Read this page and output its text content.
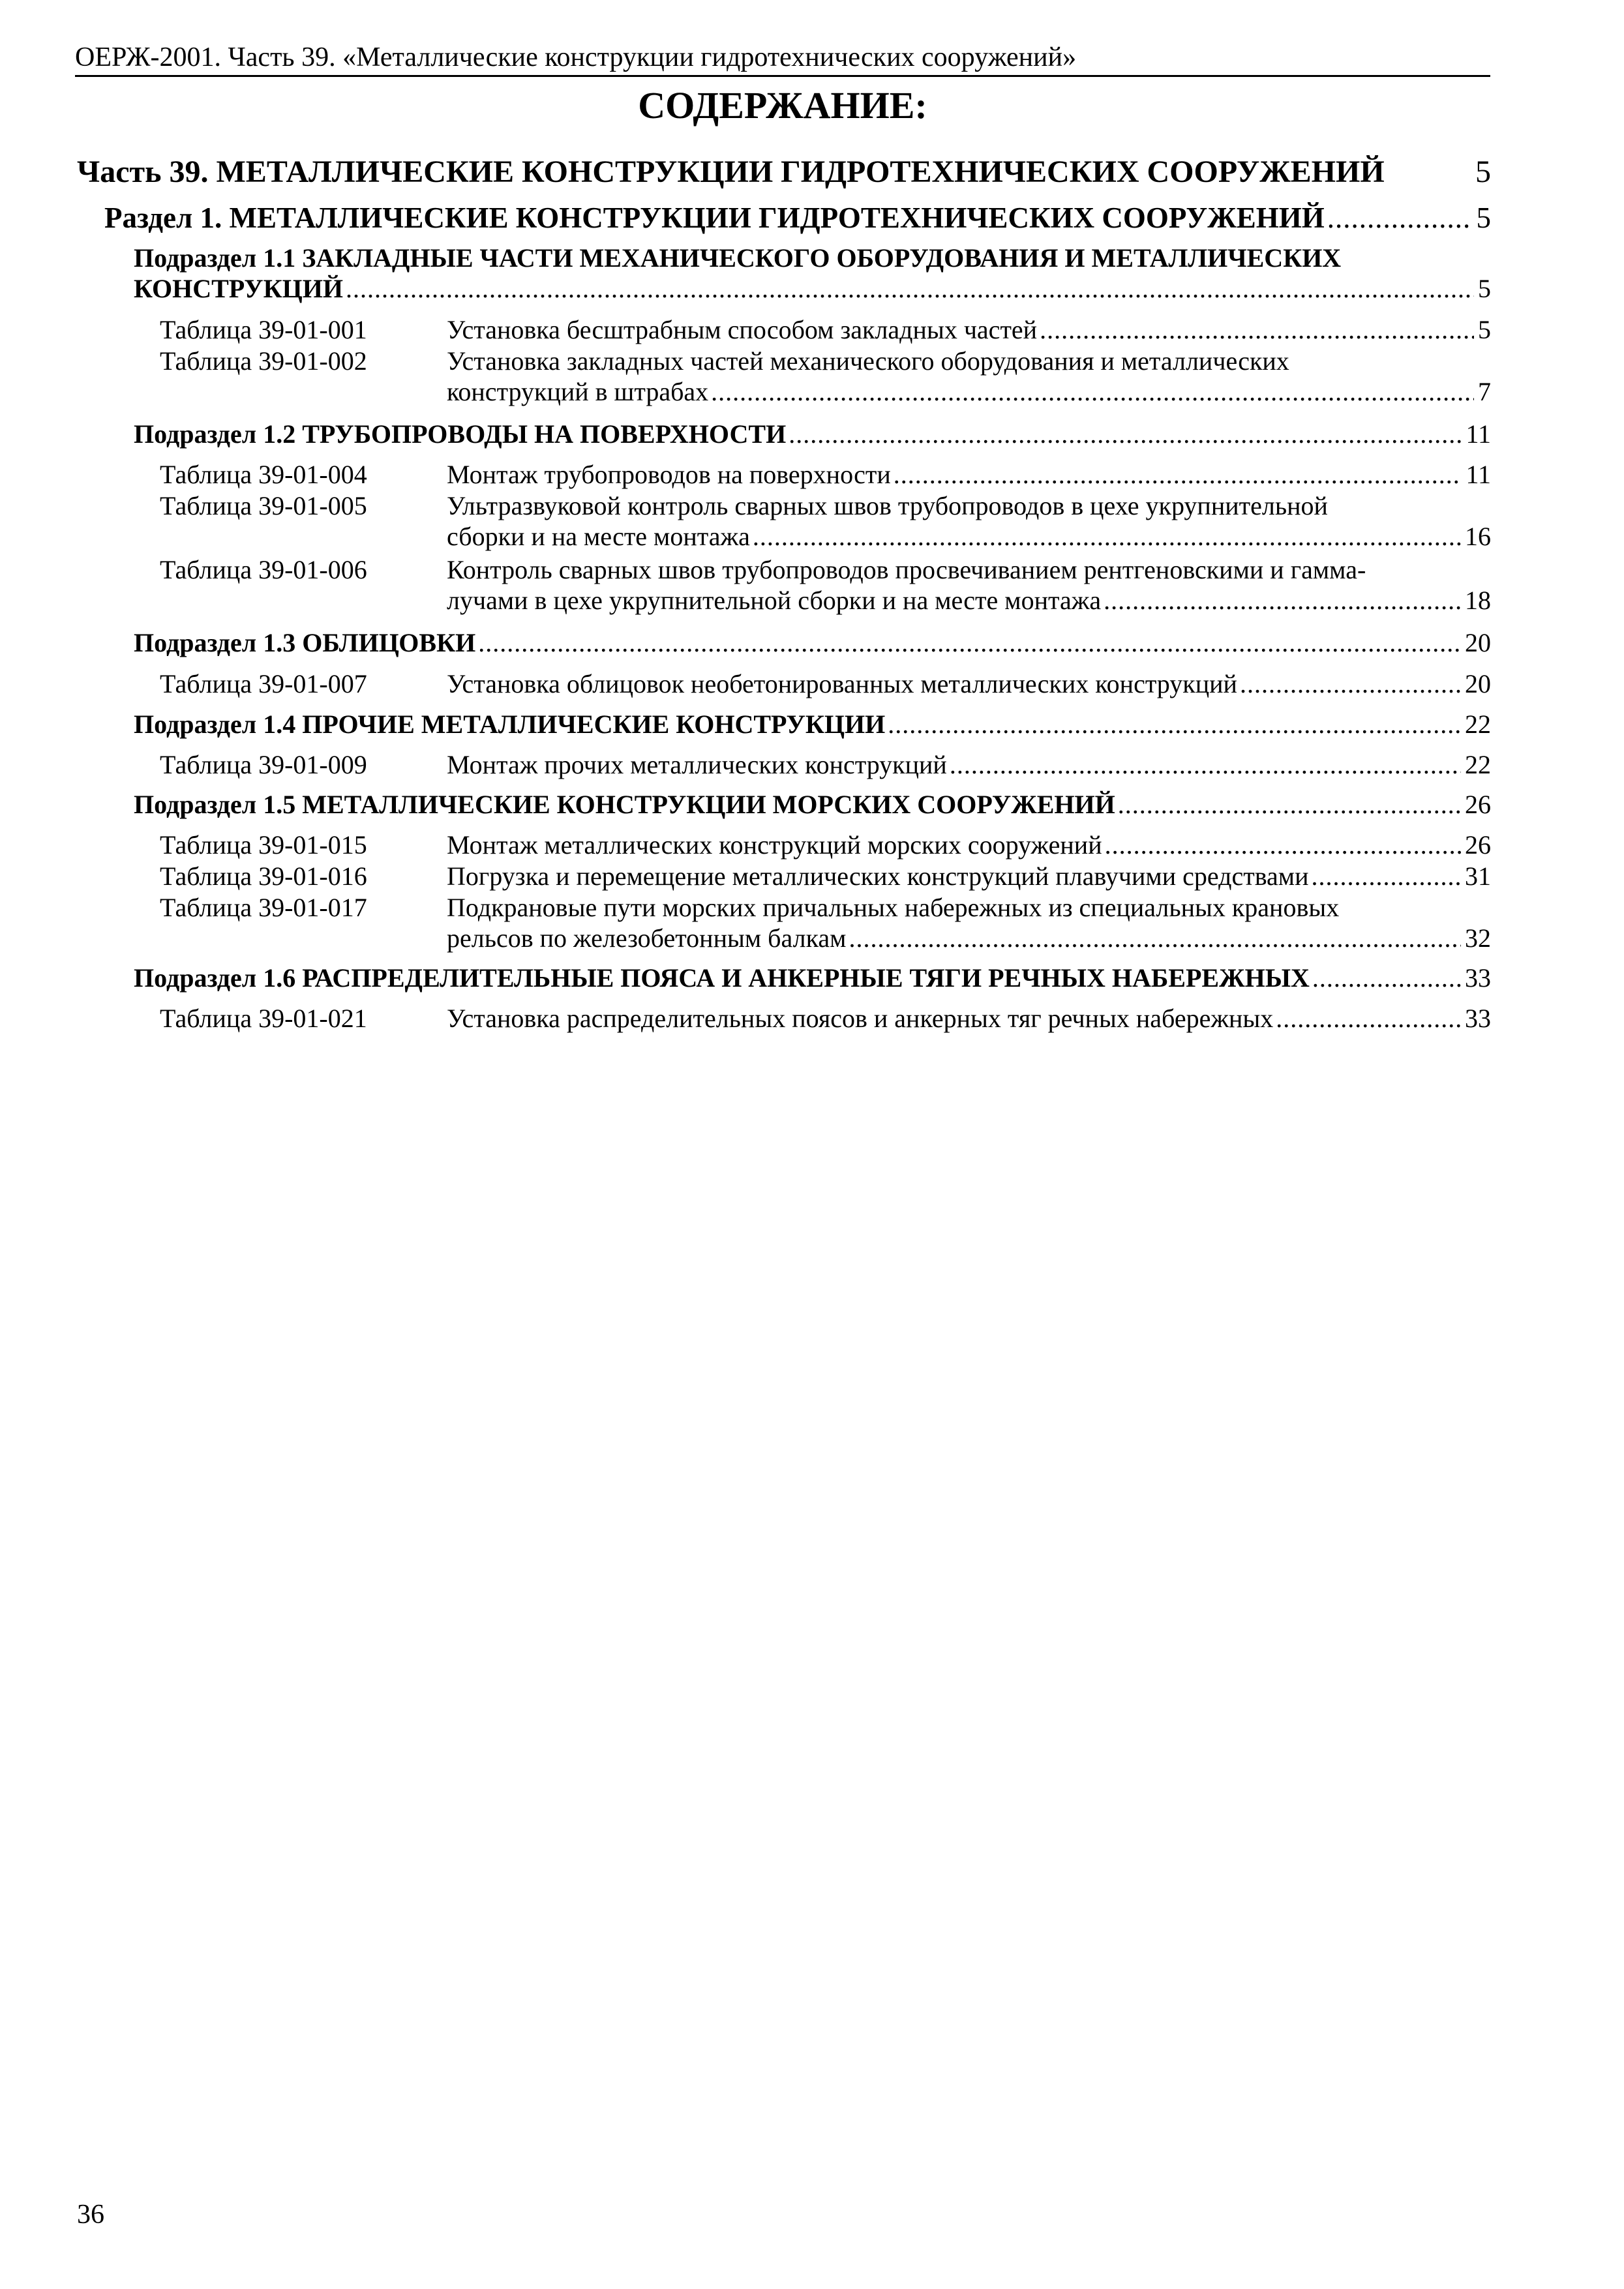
ОЕРЖ-2001. Часть 39. «Металлические конструкции гидротехнических сооружений»
СОДЕРЖАНИЕ:
Часть 39. МЕТАЛЛИЧЕСКИЕ КОНСТРУКЦИИ ГИДРОТЕХНИЧЕСКИХ СООРУЖЕНИЙ	5
Раздел 1. МЕТАЛЛИЧЕСКИЕ КОНСТРУКЦИИ ГИДРОТЕХНИЧЕСКИХ СООРУЖЕНИЙ .....	5
Подраздел 1.1 ЗАКЛАДНЫЕ ЧАСТИ МЕХАНИЧЕСКОГО ОБОРУДОВАНИЯ И МЕТАЛЛИЧЕСКИХ
КОНСТРУКЦИЙ .....	5
Таблица 39-01-001	Установка бесштрабным способом закладных частей .....	5
Таблица 39-01-002	Установка закладных частей механического оборудования и металлических
конструкций в штрабах .....	7
Подраздел 1.2 ТРУБОПРОВОДЫ НА ПОВЕРХНОСТИ .....	11
Таблица 39-01-004	Монтаж трубопроводов на поверхности .....	11
Таблица 39-01-005	Ультразвуковой контроль сварных швов трубопроводов в цехе укрупнительной
сборки и на месте монтажа .....	16
Таблица 39-01-006	Контроль сварных швов трубопроводов просвечиванием рентгеновскими и гамма-
лучами в цехе укрупнительной сборки и на месте монтажа .....	18
Подраздел 1.3 ОБЛИЦОВКИ .....	20
Таблица 39-01-007	Установка облицовок необетонированных металлических конструкций .....	20
Подраздел 1.4 ПРОЧИЕ МЕТАЛЛИЧЕСКИЕ КОНСТРУКЦИИ .....	22
Таблица 39-01-009	Монтаж прочих металлических конструкций .....	22
Подраздел 1.5 МЕТАЛЛИЧЕСКИЕ КОНСТРУКЦИИ МОРСКИХ СООРУЖЕНИЙ .....	26
Таблица 39-01-015	Монтаж металлических конструкций морских сооружений .....	26
Таблица 39-01-016	Погрузка и перемещение металлических конструкций плавучими средствами .....	31
Таблица 39-01-017	Подкрановые пути морских причальных набережных из специальных крановых
рельсов по железобетонным балкам .....	32
Подраздел 1.6 РАСПРЕДЕЛИТЕЛЬНЫЕ ПОЯСА И АНКЕРНЫЕ ТЯГИ РЕЧНЫХ НАБЕРЕЖНЫХ .....	33
Таблица 39-01-021	Установка распределительных поясов и анкерных тяг речных набережных .....	33
36
